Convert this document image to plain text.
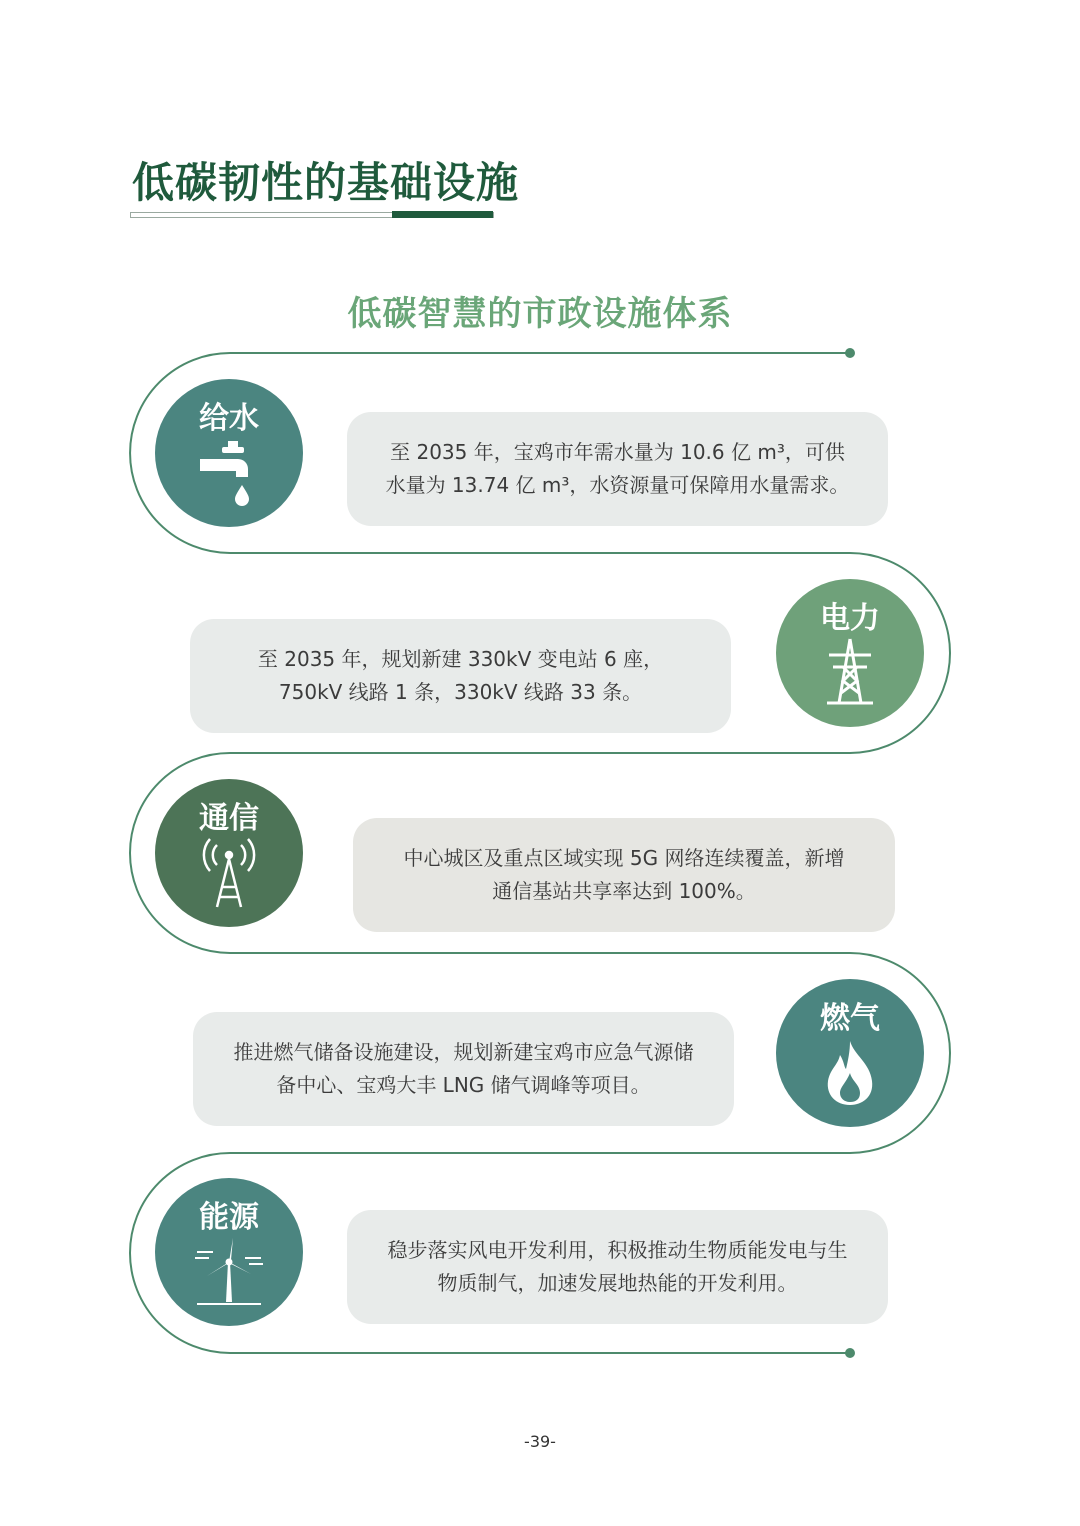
低碳韧性的基础设施
低碳智慧的市政设施体系
给水
至 2035 年，宝鸡市年需水量为 10.6 亿 m³，可供
水量为 13.74 亿 m³，水资源量可保障用水量需求。
电力
至 2035 年，规划新建 330kV 变电站 6 座，
750kV 线路 1 条，330kV 线路 33 条。
通信
中心城区及重点区域实现 5G 网络连续覆盖，新增
通信基站共享率达到 100%。
燃气
推进燃气储备设施建设，规划新建宝鸡市应急气源储
备中心、宝鸡大丰 LNG 储气调峰等项目。
能源
稳步落实风电开发利用，积极推动生物质能发电与生
物质制气，加速发展地热能的开发利用。
-39-
